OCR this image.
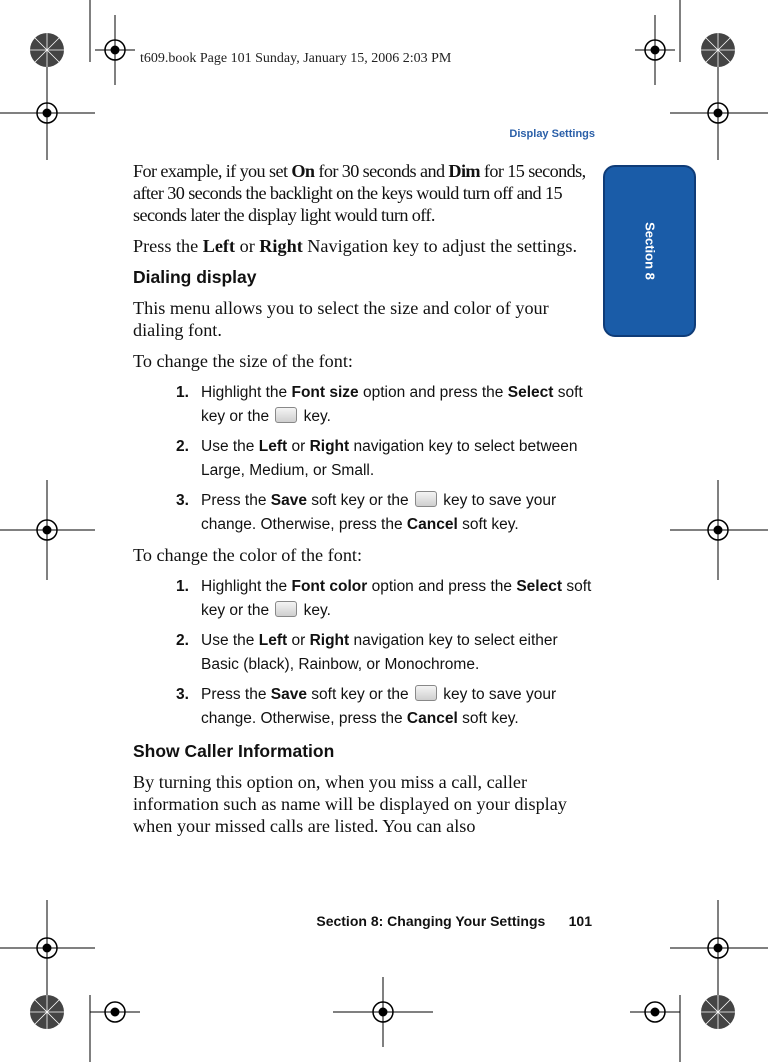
t609.book Page 101 Sunday, January 15, 2006 2:03 PM
Display Settings
Section 8

For example, if you set On for 30 seconds and Dim for 15 seconds, after 30 seconds the backlight on the keys would turn off and 15 seconds later the display light would turn off.

Press the Left or Right Navigation key to adjust the settings.

Dialing display

This menu allows you to select the size and color of your dialing font.

To change the size of the font:

1. Highlight the Font size option and press the Select soft key or the  key.
2. Use the Left or Right navigation key to select between Large, Medium, or Small.
3. Press the Save soft key or the  key to save your change. Otherwise, press the Cancel soft key.

To change the color of the font:

1. Highlight the Font color option and press the Select soft key or the  key.
2. Use the Left or Right navigation key to select either Basic (black), Rainbow, or Monochrome.
3. Press the Save soft key or the  key to save your change. Otherwise, press the Cancel soft key.
Show Caller Information

By turning this option on, when you miss a call, caller information such as name will be displayed on your display when your missed calls are listed. You can also

Section 8: Changing Your Settings      101
